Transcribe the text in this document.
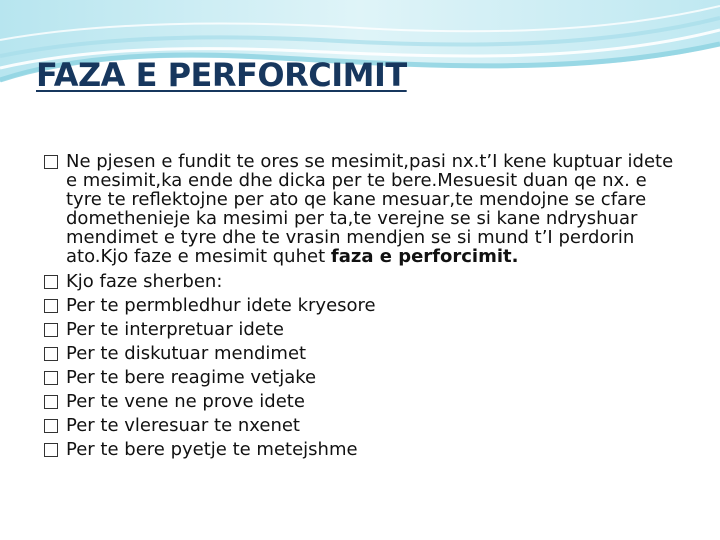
FAZA E PERFORCIMIT
Ne pjesen e fundit te ores se mesimit,pasi nx.t’I kene kuptuar idete e mesimit,ka ende dhe dicka per te bere.Mesuesit duan qe nx. e tyre te reflektojne per ato qe kane mesuar,te mendojne se cfare domethenieje ka mesimi per ta,te verejne se si kane ndryshuar mendimet e tyre dhe te vrasin mendjen se si mund t’I perdorin ato.Kjo faze e mesimit quhet faza e perforcimit.
Kjo faze sherben:
Per te permbledhur idete kryesore
Per te interpretuar idete
Per te diskutuar mendimet
Per te bere reagime vetjake
Per te vene ne prove idete
Per te vleresuar te nxenet
Per te bere pyetje te metejshme
